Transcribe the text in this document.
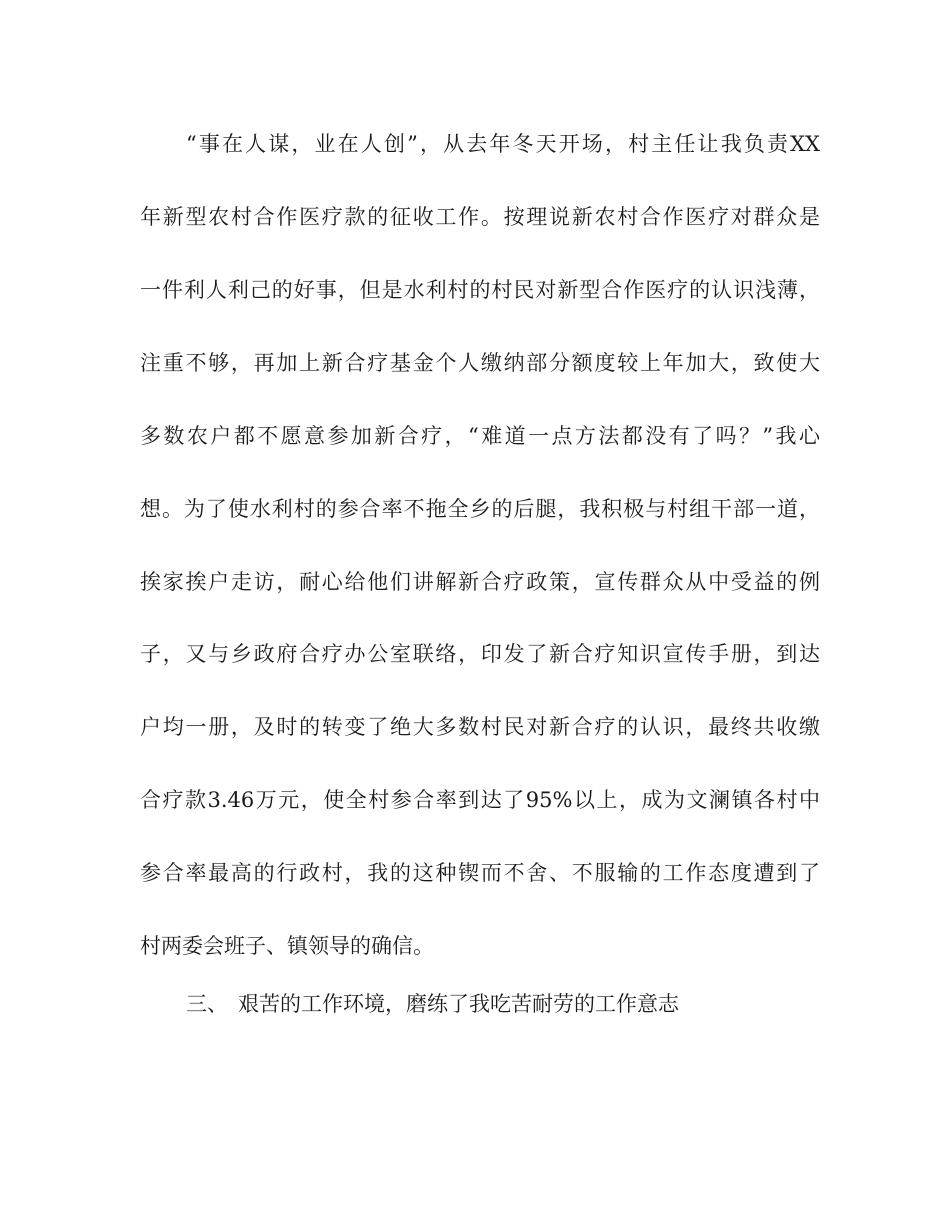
“事在人谋，业在人创”，从去年冬天开场，村主任让我负责XX
年新型农村合作医疗款的征收工作。按理说新农村合作医疗对群众是
一件利人利己的好事，但是水利村的村民对新型合作医疗的认识浅薄，
注重不够，再加上新合疗基金个人缴纳部分额度较上年加大，致使大
多数农户都不愿意参加新合疗，“难道一点方法都没有了吗？”我心
想。为了使水利村的参合率不拖全乡的后腿，我积极与村组干部一道，
挨家挨户走访，耐心给他们讲解新合疗政策，宣传群众从中受益的例
子，又与乡政府合疗办公室联络，印发了新合疗知识宣传手册，到达
户均一册，及时的转变了绝大多数村民对新合疗的认识，最终共收缴
合疗款3.46万元，使全村参合率到达了95%以上，成为文澜镇各村中
参合率最高的行政村，我的这种锲而不舍、不服输的工作态度遭到了
村两委会班子、镇领导的确信。
三、 艰苦的工作环境，磨练了我吃苦耐劳的工作意志
